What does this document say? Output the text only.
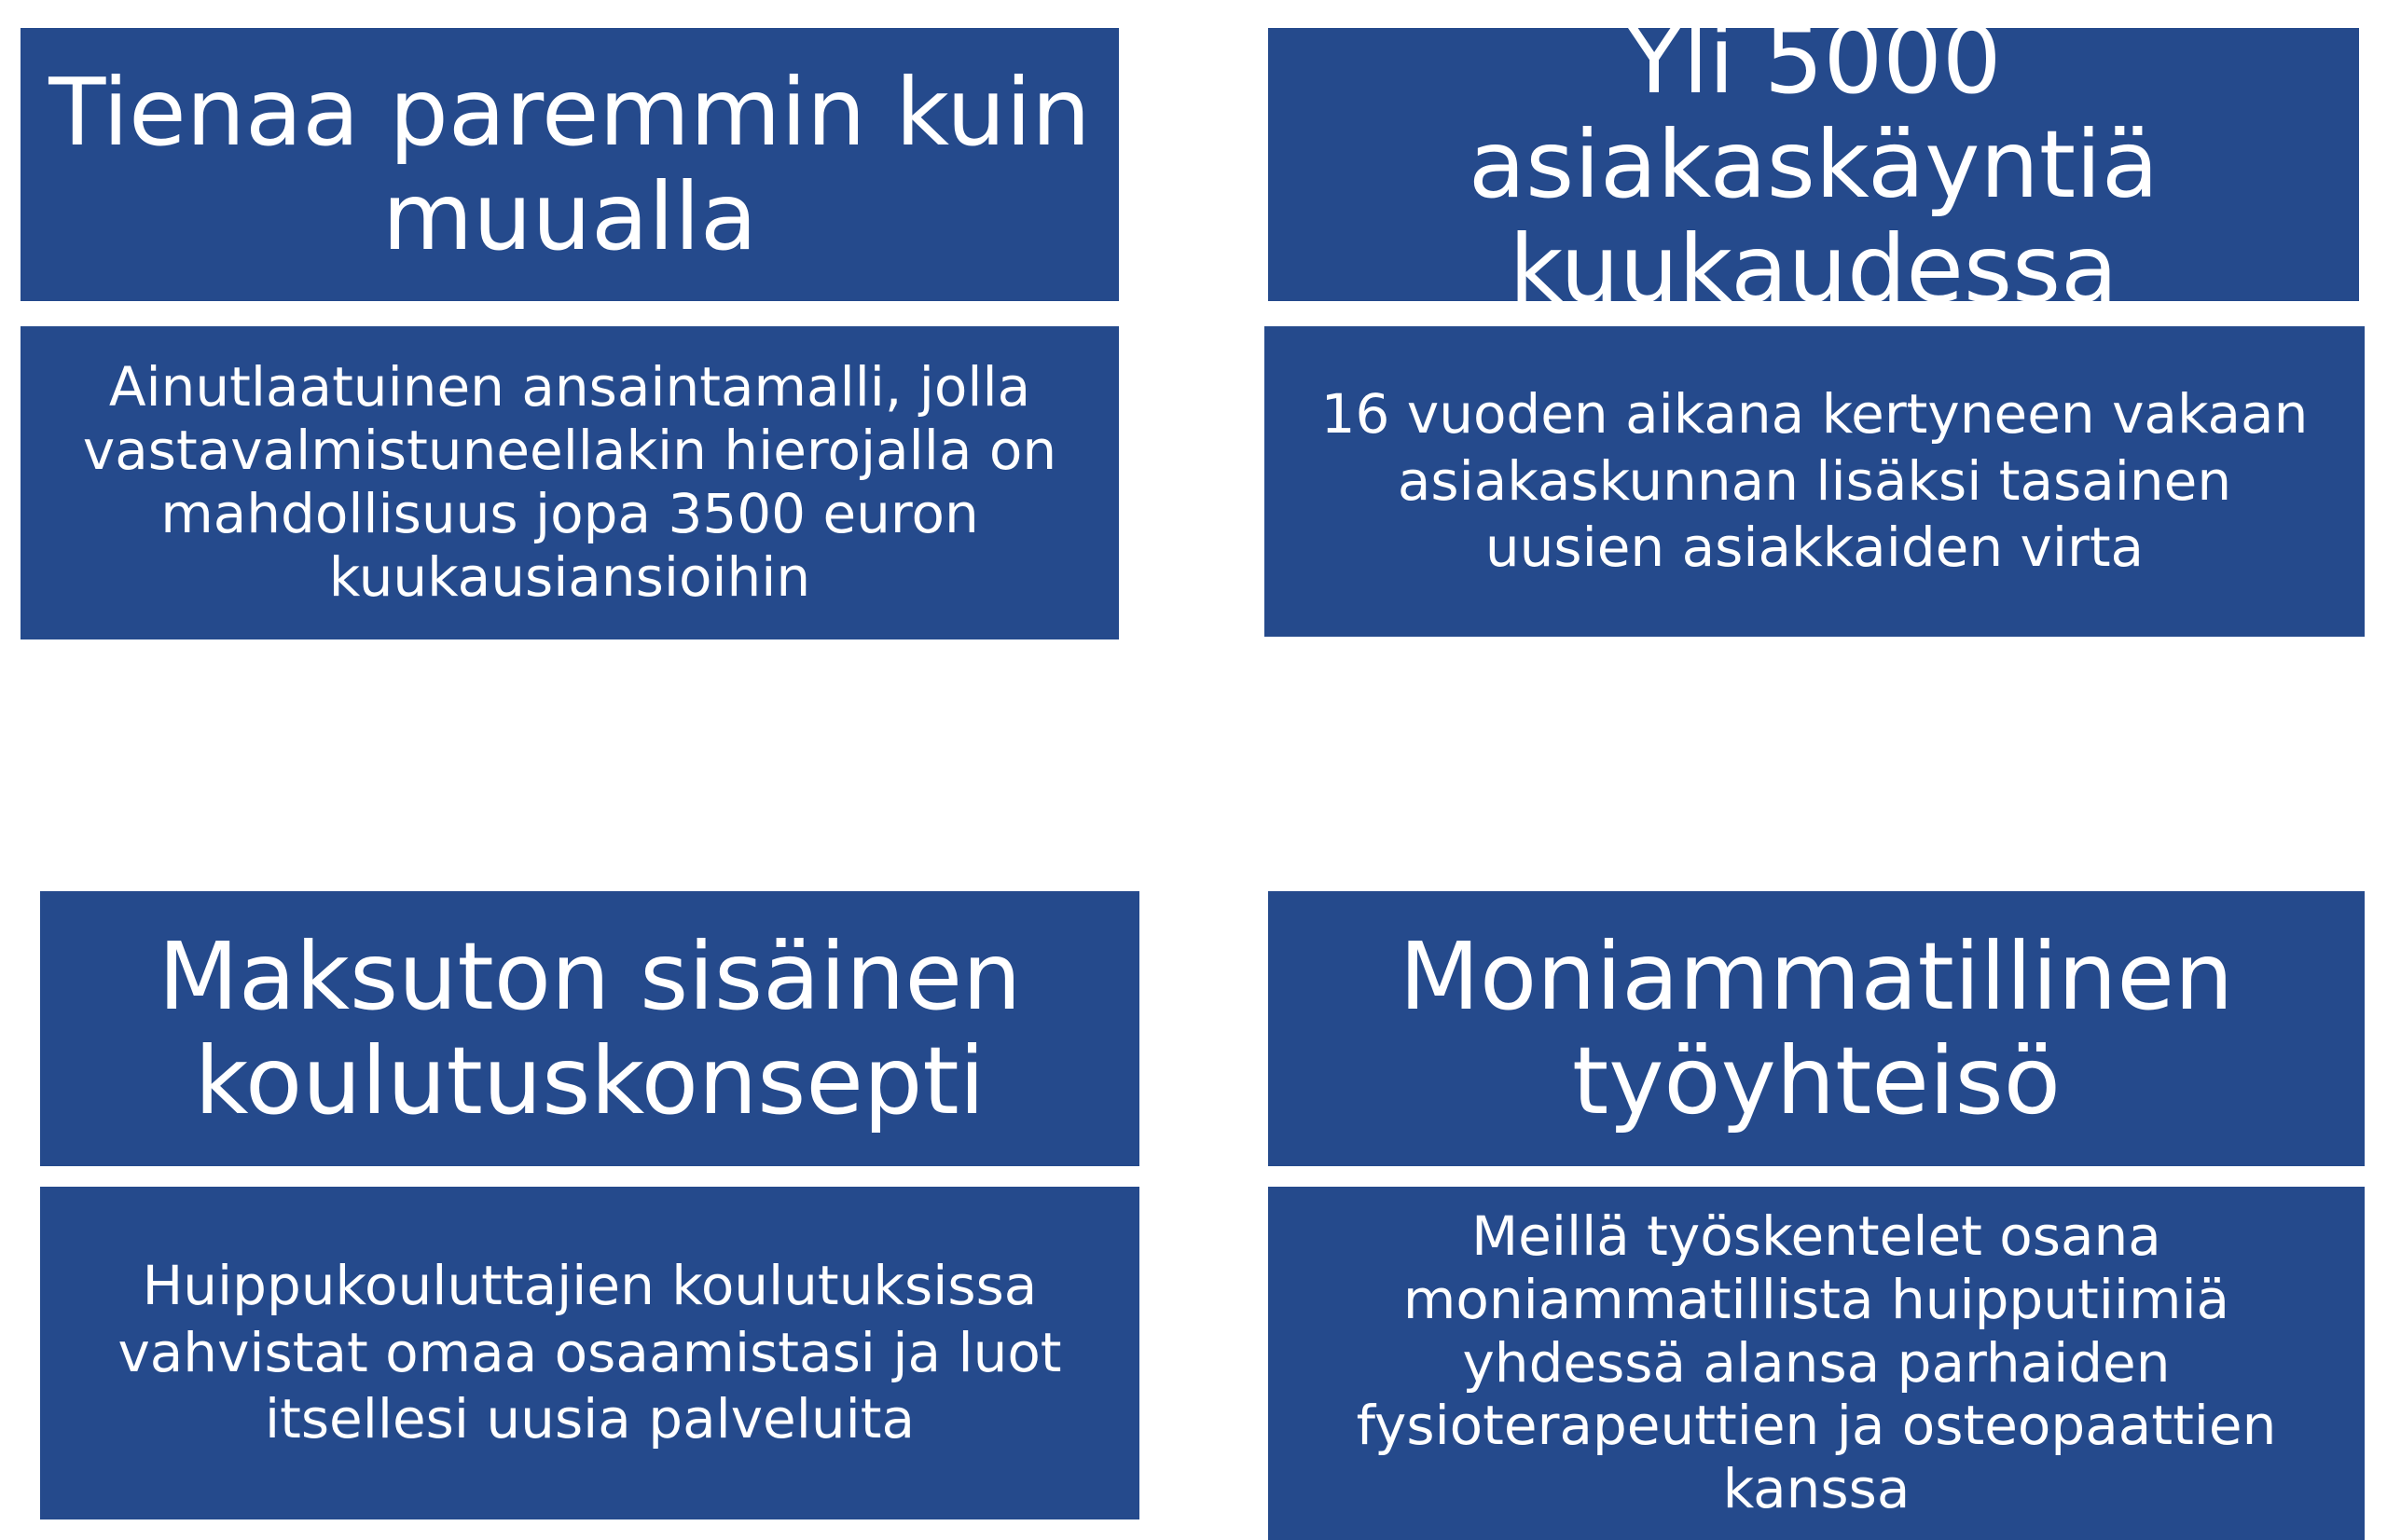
Tienaa paremmin kuin
muualla
Ainutlaatuinen ansaintamalli, jolla
vastavalmistuneellakin hierojalla on
mahdollisuus jopa 3500 euron
kuukausiansioihin
Yli 5000 asiakaskäyntiä
kuukaudessa
16 vuoden aikana kertyneen vakaan
asiakaskunnan lisäksi tasainen
uusien asiakkaiden virta
Maksuton sisäinen
koulutuskonsepti
Huippukouluttajien koulutuksissa
vahvistat omaa osaamistasi ja luot
itsellesi uusia palveluita
Moniammatillinen
työyhteisö
Meillä työskentelet osana
moniammatillista huipputiimiä
yhdessä alansa parhaiden
fysioterapeuttien ja osteopaattien
kanssa
